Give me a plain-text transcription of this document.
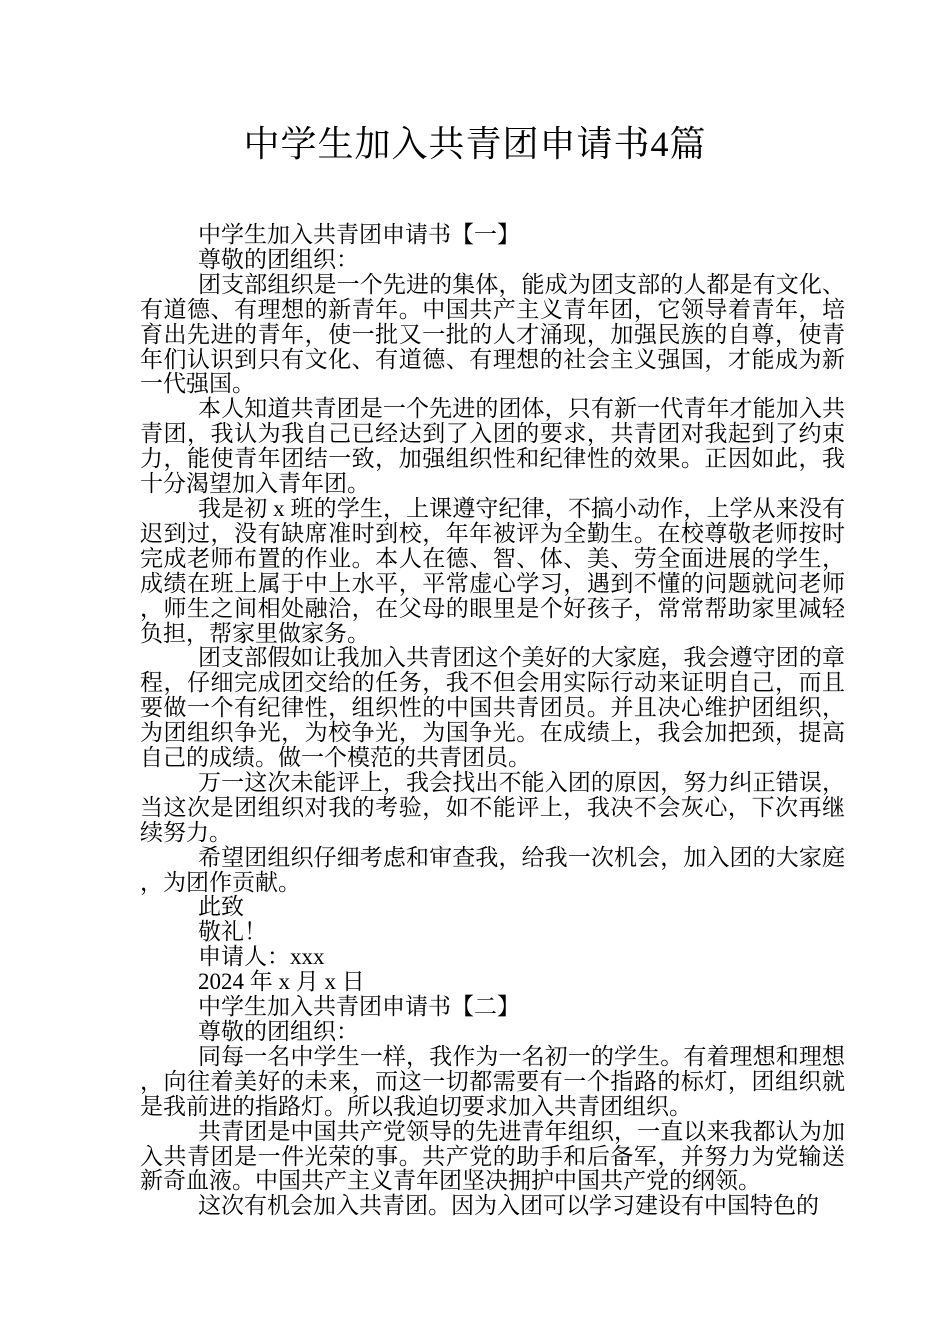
中学生加入共青团申请书4篇

中学生加入共青团申请书【一】

尊敬的团组织：

团支部组织是一个先进的集体，能成为团支部的人都是有文化、有道德、有理想的新青年。中国共产主义青年团，它领导着青年，培育出先进的青年，使一批又一批的人才涌现，加强民族的自尊，使青年们认识到只有文化、有道德、有理想的社会主义强国，才能成为新一代强国。

本人知道共青团是一个先进的团体，只有新一代青年才能加入共青团，我认为我自己已经达到了入团的要求，共青团对我起到了约束力，能使青年团结一致，加强组织性和纪律性的效果。正因如此，我十分渴望加入青年团。

我是初 x 班的学生，上课遵守纪律，不搞小动作，上学从来没有迟到过，没有缺席准时到校，年年被评为全勤生。在校尊敬老师按时完成老师布置的作业。本人在德、智、体、美、劳全面进展的学生，成绩在班上属于中上水平，平常虚心学习，遇到不懂的问题就问老师，师生之间相处融洽，在父母的眼里是个好孩子，常常帮助家里减轻负担，帮家里做家务。

团支部假如让我加入共青团这个美好的大家庭，我会遵守团的章程，仔细完成团交给的任务，我不但会用实际行动来证明自己，而且要做一个有纪律性，组织性的中国共青团员。并且决心维护团组织，为团组织争光，为校争光，为国争光。在成绩上，我会加把颈，提高自己的成绩。做一个模范的共青团员。

万一这次未能评上，我会找出不能入团的原因，努力纠正错误，当这次是团组织对我的考验，如不能评上，我决不会灰心，下次再继续努力。

希望团组织仔细考虑和审查我，给我一次机会，加入团的大家庭，为团作贡献。

此致

敬礼！

申请人：xxx

2024 年 x 月 x 日

中学生加入共青团申请书【二】

尊敬的团组织：

同每一名中学生一样，我作为一名初一的学生。有着理想和理想，向往着美好的未来，而这一切都需要有一个指路的标灯，团组织就是我前进的指路灯。所以我迫切要求加入共青团组织。

共青团是中国共产党领导的先进青年组织，一直以来我都认为加入共青团是一件光荣的事。共产党的助手和后备军，并努力为党输送新奇血液。中国共产主义青年团坚决拥护中国共产党的纲领。

这次有机会加入共青团。因为入团可以学习建设有中国特色的
